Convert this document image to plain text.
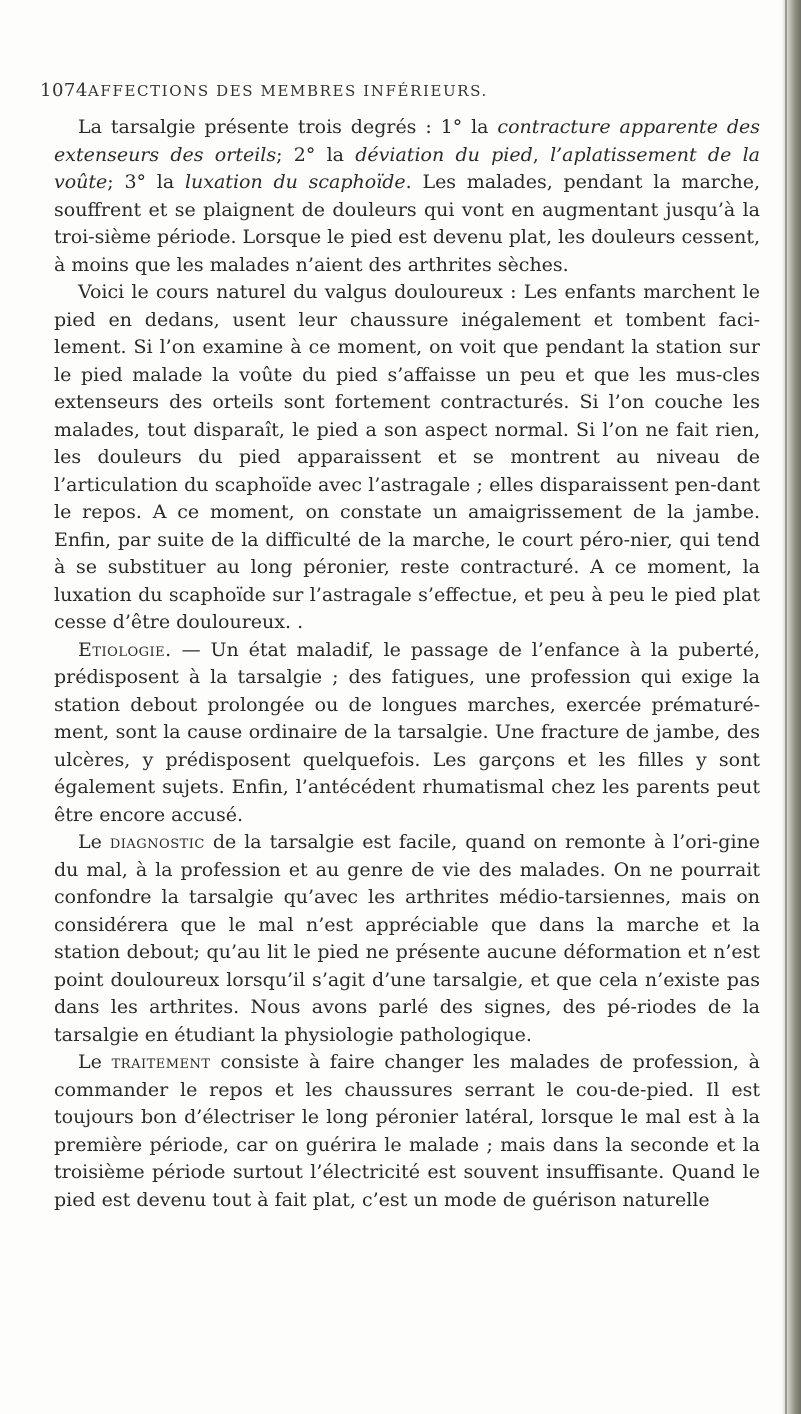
1074 AFFECTIONS DES MEMBRES INFÉRIEURS.

La tarsalgie présente trois degrés : 1° la contracture apparente des extenseurs des orteils; 2° la déviation du pied, l’aplatissement de la voûte; 3° la luxation du scaphoïde. Les malades, pendant la marche, souffrent et se plaignent de douleurs qui vont en augmentant jusqu’à la troi-sième période. Lorsque le pied est devenu plat, les douleurs cessent, à moins que les malades n’aient des arthrites sèches.

Voici le cours naturel du valgus douloureux : Les enfants marchent le pied en dedans, usent leur chaussure inégalement et tombent faci-lement. Si l’on examine à ce moment, on voit que pendant la station sur le pied malade la voûte du pied s’affaisse un peu et que les mus-cles extenseurs des orteils sont fortement contracturés. Si l’on couche les malades, tout disparaît, le pied a son aspect normal. Si l’on ne fait rien, les douleurs du pied apparaissent et se montrent au niveau de l’articulation du scaphoïde avec l’astragale ; elles disparaissent pen-dant le repos. A ce moment, on constate un amaigrissement de la jambe. Enfin, par suite de la difficulté de la marche, le court péro-nier, qui tend à se substituer au long péronier, reste contracturé. A ce moment, la luxation du scaphoïde sur l’astragale s’effectue, et peu à peu le pied plat cesse d’être douloureux. .

Etiologie. — Un état maladif, le passage de l’enfance à la puberté, prédisposent à la tarsalgie ; des fatigues, une profession qui exige la station debout prolongée ou de longues marches, exercée prématuré-ment, sont la cause ordinaire de la tarsalgie. Une fracture de jambe, des ulcères, y prédisposent quelquefois. Les garçons et les filles y sont également sujets. Enfin, l’antécédent rhumatismal chez les parents peut être encore accusé.

Le diagnostic de la tarsalgie est facile, quand on remonte à l’ori-gine du mal, à la profession et au genre de vie des malades. On ne pourrait confondre la tarsalgie qu’avec les arthrites médio-tarsiennes, mais on considérera que le mal n’est appréciable que dans la marche et la station debout; qu’au lit le pied ne présente aucune déformation et n’est point douloureux lorsqu’il s’agit d’une tarsalgie, et que cela n’existe pas dans les arthrites. Nous avons parlé des signes, des pé-riodes de la tarsalgie en étudiant la physiologie pathologique.

Le traitement consiste à faire changer les malades de profession, à commander le repos et les chaussures serrant le cou-de-pied. Il est toujours bon d’électriser le long péronier latéral, lorsque le mal est à la première période, car on guérira le malade ; mais dans la seconde et la troisième période surtout l’électricité est souvent insuffisante. Quand le pied est devenu tout à fait plat, c’est un mode de guérison naturelle
